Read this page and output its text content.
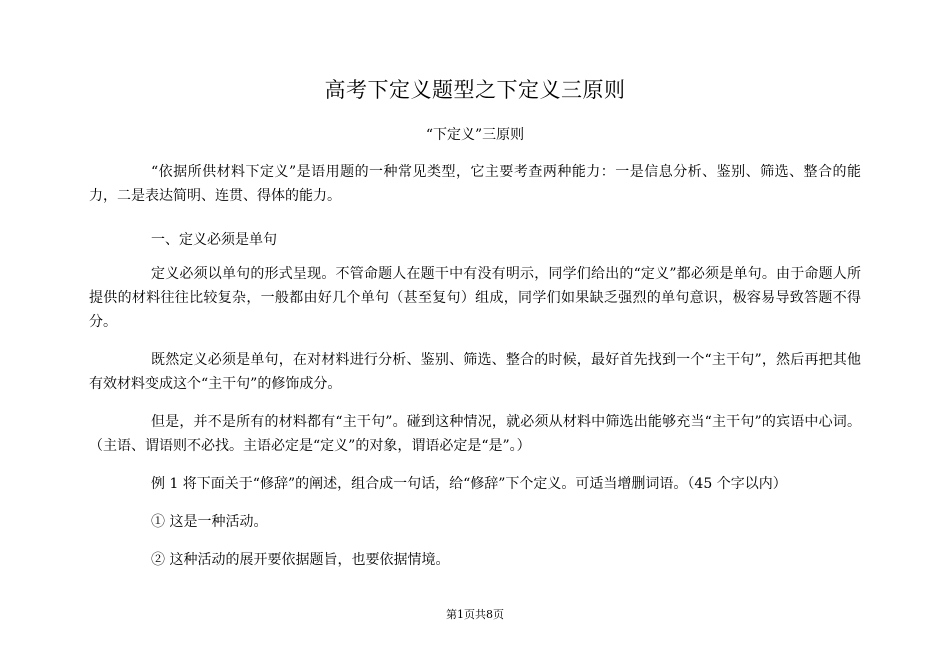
高考下定义题型之下定义三原则
“下定义”三原则
“依据所供材料下定义”是语用题的一种常见类型，它主要考查两种能力：一是信息分析、鉴别、筛选、整合的能力，二是表达简明、连贯、得体的能力。
一、定义必须是单句
定义必须以单句的形式呈现。不管命题人在题干中有没有明示，同学们给出的“定义”都必须是单句。由于命题人所提供的材料往往比较复杂，一般都由好几个单句（甚至复句）组成，同学们如果缺乏强烈的单句意识，极容易导致答题不得分。
既然定义必须是单句，在对材料进行分析、鉴别、筛选、整合的时候，最好首先找到一个“主干句”，然后再把其他有效材料变成这个“主干句”的修饰成分。
但是，并不是所有的材料都有“主干句”。碰到这种情况，就必须从材料中筛选出能够充当“主干句”的宾语中心词。（主语、谓语则不必找。主语必定是“定义”的对象，谓语必定是“是”。）
例 1 将下面关于“修辞”的阐述，组合成一句话，给“修辞”下个定义。可适当增删词语。（45 个字以内）
① 这是一种活动。
② 这种活动的展开要依据题旨，也要依据情境。
第1页共8页
